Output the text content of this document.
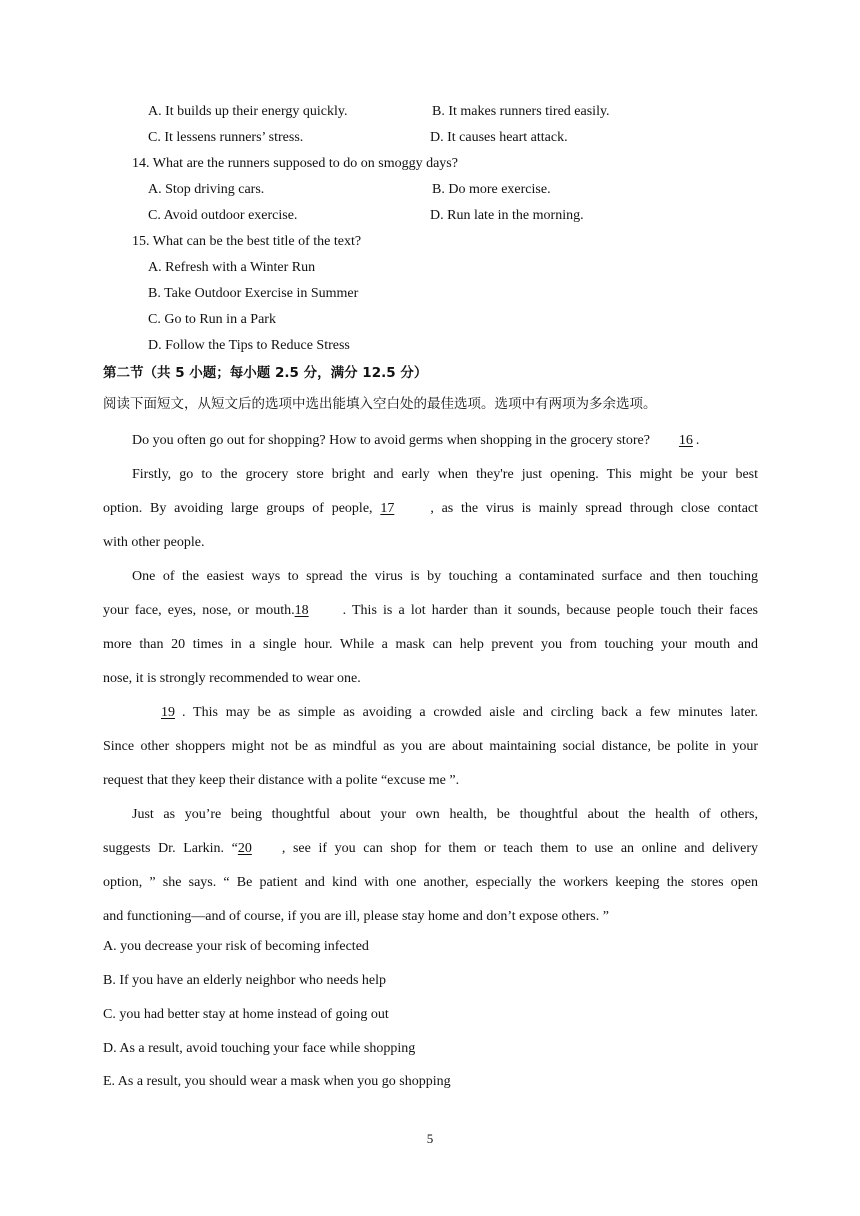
A. It builds up their energy quickly.	B. It makes runners tired easily.
C. It lessens runners’ stress.	D. It causes heart attack.
14. What are the runners supposed to do on smoggy days?
A. Stop driving cars.	B. Do more exercise.
C. Avoid outdoor exercise.	D. Run late in the morning.
15. What can be the best title of the text?
A. Refresh with a Winter Run
B. Take Outdoor Exercise in Summer
C. Go to Run in a Park
D. Follow the Tips to Reduce Stress
第二节（共 5 小题；每小题 2.5 分，满分 12.5 分）
阅读下面短文，从短文后的选项中选出能填入空白处的最佳选项。选项中有两项为多余选项。
Do you often go out for shopping? How to avoid germs when shopping in the grocery store? 16 .
Firstly, go to the grocery store bright and early when they're just opening. This might be your best
option. By avoiding large groups of people, 17	, as the virus is mainly spread through close contact
with other people.
One of the easiest ways to spread the virus is by touching a contaminated surface and then touching
your face, eyes, nose, or mouth.18 . This is a lot harder than it sounds, because people touch their faces
more than 20 times in a single hour. While a mask can help prevent you from touching your mouth and
nose, it is strongly recommended to wear one.
19 . This may be as simple as avoiding a crowded aisle and circling back a few minutes later.
Since other shoppers might not be as mindful as you are about maintaining social distance, be polite in your
request that they keep their distance with a polite “excuse me ”.
Just as you’re being thoughtful about your own health, be thoughtful about the health of others,
suggests Dr. Larkin. “20 , see if you can shop for them or teach them to use an online and delivery
option, ” she says. “ Be patient and kind with one another, especially the workers keeping the stores open
and functioning—and of course, if you are ill, please stay home and don’t expose others. ”
A. you decrease your risk of becoming infected
B. If you have an elderly neighbor who needs help
C. you had better stay at home instead of going out
D. As a result, avoid touching your face while shopping
E. As a result, you should wear a mask when you go shopping
5
